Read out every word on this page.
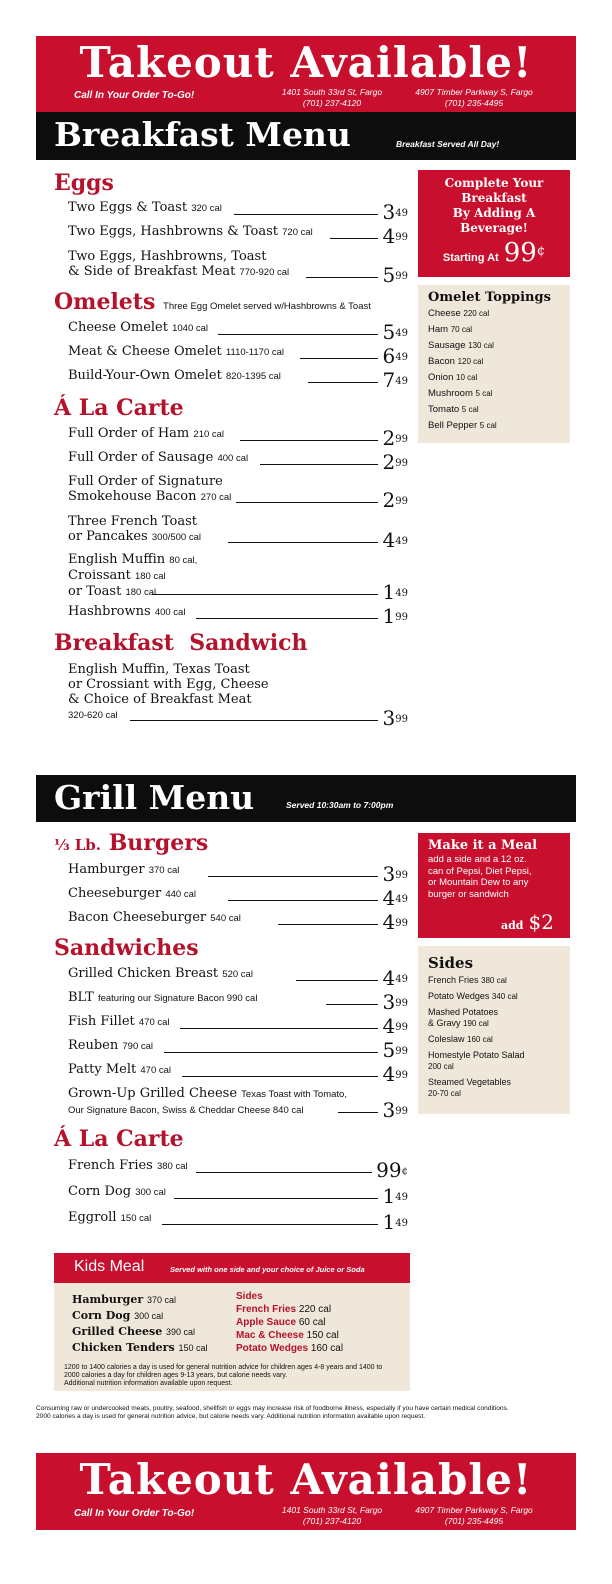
Takeout Available!
Call In Your Order To-Go!	1401 South 33rd St, Fargo
(701) 237-4120
4907 Timber Parkway S, Fargo
(701) 235-4495
Breakfast Menu	Breakfast Served All Day!
Eggs
Two Eggs & Toast 320 cal	$3^{49}$
Two Eggs, Hashbrowns & Toast 720 cal	$4^{99}$
Two Eggs, Hashbrowns, Toast
& Side of Breakfast Meat 770-920 cal	$5^{99}$
Omelets Three Egg Omelet served w/Hashbrowns & Toast
Cheese Omelet 1040 cal	$5^{49}$
Meat & Cheese Omelet 1110-1170 cal	$6^{49}$
Build-Your-Own Omelet 820-1395 cal	$7^{49}$
Á La Carte
Full Order of Ham 210 cal	$2^{99}$
Full Order of Sausage 400 cal	$2^{99}$
Full Order of Signature
Smokehouse Bacon 270 cal	$2^{99}$
Three French Toast
or Pancakes 300/500 cal	$4^{49}$
English Muffin 80 cal,
Croissant 180 cal
or Toast 180 cal	$1^{49}$
Hashbrowns 400 cal	$1^{99}$
Breakfast  Sandwich
English Muffin, Texas Toast
or Crossiant with Egg, Cheese
& Choice of Breakfast Meat
320-620 cal	$3^{99}$
Complete Your
Breakfast
By Adding A
Beverage!
Starting At 99¢
Omelet Toppings
Cheese 220 cal
Ham 70 cal
Sausage 130 cal
Bacon 120 cal
Onion 10 cal
Mushroom 5 cal
Tomato 5 cal
Bell Pepper 5 cal
Grill Menu	Served 10:30am to 7:00pm
⅓ Lb. Burgers
Hamburger 370 cal	$3^{99}$
Cheeseburger 440 cal	$4^{49}$
Bacon Cheeseburger 540 cal	$4^{99}$
Sandwiches
Grilled Chicken Breast 520 cal	$4^{49}$
BLT featuring our Signature Bacon 990 cal	$3^{99}$
Fish Fillet 470 cal	$4^{99}$
Reuben 790 cal	$5^{99}$
Patty Melt 470 cal	$4^{99}$
Grown-Up Grilled Cheese Texas Toast with Tomato,
Our Signature Bacon, Swiss & Cheddar Cheese 840 cal	$3^{99}$
Á La Carte
French Fries 380 cal	99¢
Corn Dog 300 cal	$1^{49}$
Eggroll 150 cal	$1^{49}$
Make it a Meal
add a side and a 12 oz.
can of Pepsi, Diet Pepsi,
or Mountain Dew to any
burger or sandwich
add $2
Sides
French Fries 380 cal
Potato Wedges 340 cal
Mashed Potatoes
& Gravy 190 cal
Coleslaw 160 cal
Homestyle Potato Salad
200 cal
Steamed Vegetables
20-70 cal
Kids Meal	Served with one side and your choice of Juice or Soda
Hamburger 370 cal
Corn Dog 300 cal
Grilled Cheese 390 cal
Chicken Tenders 150 cal
Sides
French Fries 220 cal
Apple Sauce 60 cal
Mac & Cheese 150 cal
Potato Wedges 160 cal
1200 to 1400 calories a day is used for general nutrition advice for children ages 4-8 years and 1400 to
2000 calories a day for children ages 9-13 years, but calorie needs vary.
Additional nutrition information available upon request.
Consuming raw or undercooked meats, poultry, seafood, shellfish or eggs may increase risk of foodborne illness, especially if you have certain medical conditions.
2000 calories a day is used for general nutrition advice, but calorie needs vary. Additional nutrition information available upon request.
Takeout Available!
Call In Your Order To-Go!	1401 South 33rd St, Fargo
(701) 237-4120
4907 Timber Parkway S, Fargo
(701) 235-4495
